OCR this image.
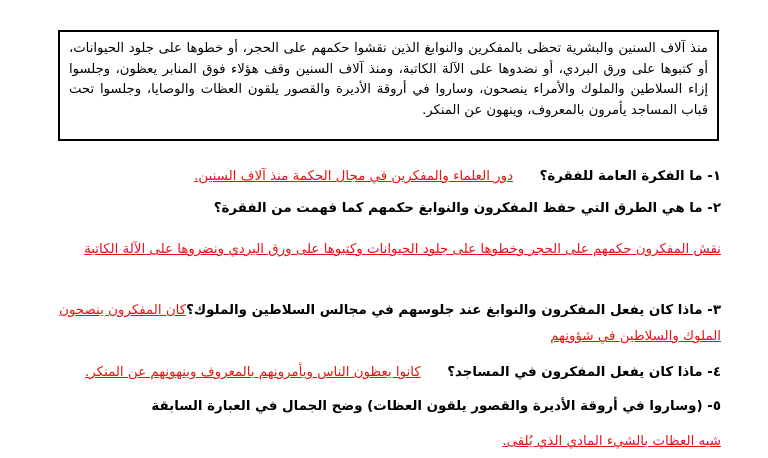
منذ آلاف السنين والبشرية تحظى بالمفكرين والنوابغ الذين نقشوا حكمهم على الحجر، أو خطوها على جلود الحيوانات، أو كتبوها على ورق البردي، أو نضدوها على الآلة الكاتبة، ومنذ آلاف السنين وقف هؤلاء فوق المنابر يعظون، وجلسوا إزاء السلاطين والملوك والأمراء ينصحون، وساروا في أروقة الأديرة والقصور يلقون العظات والوصايا، وجلسوا تحت قباب المساجد يأمرون بالمعروف، وينهون عن المنكر.
١- ما الفكرة العامة للفقرة؟  دور العلماء والمفكرين في مجال الحكمة منذ آلاف السنين.
٢- ما هي الطرق التي حفظ المفكرون والنوابغ حكمهم كما فهمت من الفقرة؟
نقش المفكرون حكمهم على الحجر وخطوها على جلود الحيوانات وكتبوها على ورق البردي ونضروها على الآلة الكاتبة
٣- ماذا كان يفعل المفكرون والنوابغ عند جلوسهم في مجالس السلاطين والملوك؟كان المفكرون ينصحون
الملوك والسلاطين في شؤونهم
٤- ماذا كان يفعل المفكرون في المساجد؟  كانوا يعظون الناس ويأمرونهم بالمعروف وينهونهم عن المنكر.
٥- (وساروا في أروقة الأديرة والقصور يلقون العظات) وضح الجمال في العبارة السابقة
شبه العظات بالشيء المادي الذي يُلقى.
